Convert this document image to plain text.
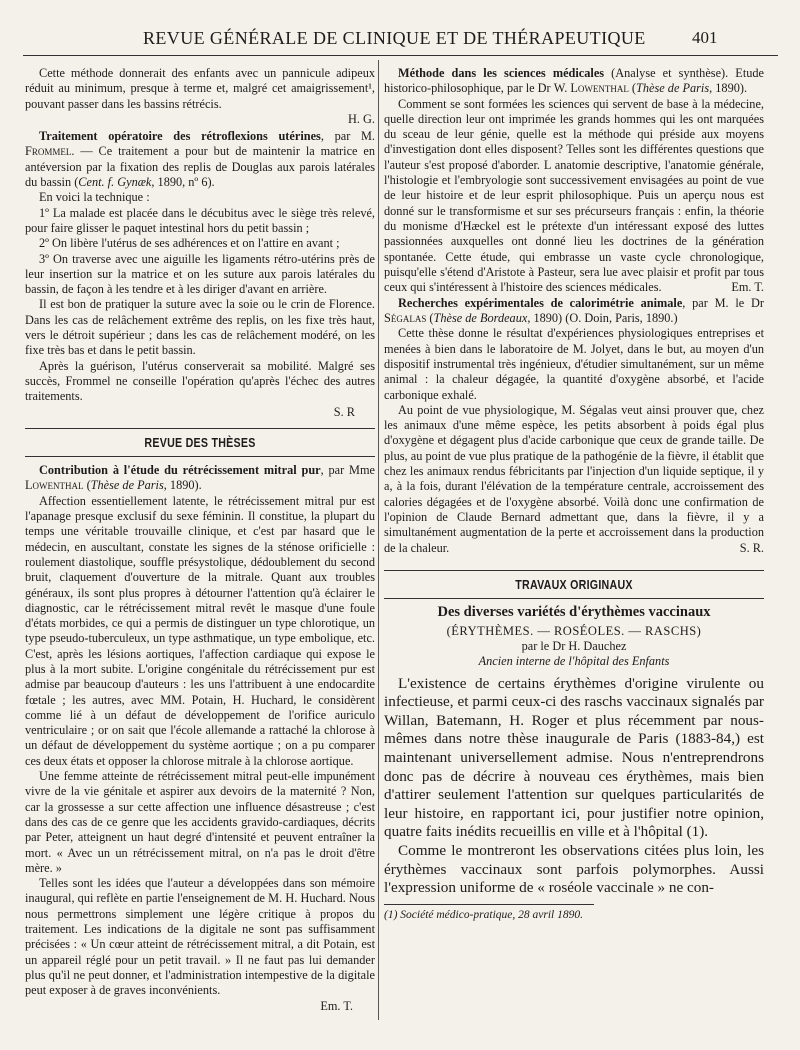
REVUE GÉNÉRALE DE CLINIQUE ET DE THÉRAPEUTIQUE	401

Cette méthode donnerait des enfants avec un pannicule adipeux réduit au minimum, presque à terme et, malgré cet amaigrissement¹, pouvant passer dans les bassins rétrécis.

H. G.

Traitement opératoire des rétroflexions utérines, par M. Frommel. — Ce traitement a pour but de maintenir la matrice en antéversion par la fixation des replis de Douglas aux parois latérales du bassin (Cent. f. Gynæk, 1890, nº 6).

En voici la technique :

1º La malade est placée dans le décubitus avec le siège très relevé, pour faire glisser le paquet intestinal hors du petit bassin ;

2º On libère l'utérus de ses adhérences et on l'attire en avant ;

3º On traverse avec une aiguille les ligaments rétro-utérins près de leur insertion sur la matrice et on les suture aux parois latérales du bassin, de façon à les tendre et à les diriger d'avant en arrière.

Il est bon de pratiquer la suture avec la soie ou le crin de Florence. Dans les cas de relâchement extrême des replis, on les fixe très haut, vers le détroit supérieur ; dans les cas de relâchement modéré, on les fixe très bas et dans le petit bassin.

Après la guérison, l'utérus conserverait sa mobilité. Malgré ses succès, Frommel ne conseille l'opération qu'après l'échec des autres traitements.

S. R
REVUE DES THÈSES

Contribution à l'étude du rétrécissement mitral pur, par Mme Lowenthal (Thèse de Paris, 1890).

Affection essentiellement latente, le rétrécissement mitral pur est l'apanage presque exclusif du sexe féminin. Il constitue, la plupart du temps une véritable trouvaille clinique, et c'est par hasard que le médecin, en auscultant, constate les signes de la sténose orificielle : roulement diastolique, souffle présystolique, dédoublement du second bruit, claquement d'ouverture de la mitrale. Quant aux troubles généraux, ils sont plus propres à détourner l'attention qu'à éclairer le diagnostic, car le rétrécissement mitral revêt le masque d'une foule d'états morbides, ce qui a permis de distinguer un type chlorotique, un type pseudo-tuberculeux, un type asthmatique, un type embolique, etc. C'est, après les lésions aortiques, l'affection cardiaque qui expose le plus à la mort subite. L'origine congénitale du rétrécissement pur est admise par beaucoup d'auteurs : les uns l'attribuent à une endocardite fœtale ; les autres, avec MM. Potain, H. Huchard, le considèrent comme lié à un défaut de développement de l'orifice auriculo ventriculaire ; or on sait que l'école allemande a rattaché la chlorose à un défaut de développement du système aortique ; on a pu comparer ces deux états et opposer la chlorose mitrale à la chlorose aortique.

Une femme atteinte de rétrécissement mitral peut-elle impunément vivre de la vie génitale et aspirer aux devoirs de la maternité ? Non, car la grossesse a sur cette affection une influence désastreuse ; c'est dans des cas de ce genre que les accidents gravido-cardiaques, décrits par Peter, atteignent un haut degré d'intensité et peuvent entraîner la mort. « Avec un un rétrécissement mitral, on n'a pas le droit d'être mère. »

Telles sont les idées que l'auteur a développées dans son mémoire inaugural, qui reflète en partie l'enseignement de M. H. Huchard. Nous nous permettrons simplement une légère critique à propos du traitement. Les indications de la digitale ne sont pas suffisamment précisées : « Un cœur atteint de rétrécissement mitral, a dit Potain, est un appareil réglé pour un petit travail. » Il ne faut pas lui demander plus qu'il ne peut donner, et l'administration intempestive de la digitale peut exposer à de graves inconvénients.

Em. T.

Méthode dans les sciences médicales (Analyse et synthèse). Etude historico-philosophique, par le Dr W. Lowenthal (Thèse de Paris, 1890).

Comment se sont formées les sciences qui servent de base à la médecine, quelle direction leur ont imprimée les grands hommes qui les ont marquées du sceau de leur génie, quelle est la méthode qui préside aux moyens d'investigation dont elles disposent? Telles sont les différentes questions que l'auteur s'est proposé d'aborder. L anatomie descriptive, l'anatomie générale, l'histologie et l'embryologie sont successivement envisagées au point de vue de leur histoire et de leur esprit philosophique. Puis un aperçu nous est donné sur le transformisme et sur ses précurseurs français : enfin, la théorie du monisme d'Hæckel est le prétexte d'un intéressant exposé des luttes passionnées auxquelles ont donné lieu les doctrines de la génération spontanée. Cette étude, qui embrasse un vaste cycle chronologique, puisqu'elle s'étend d'Aristote à Pasteur, sera lue avec plaisir et profit par tous ceux qui s'intéressent à l'histoire des sciences médicales.	Em. T.

Recherches expérimentales de calorimétrie animale, par M. le Dr Ségalas (Thèse de Bordeaux, 1890) (O. Doin, Paris, 1890.)

Cette thèse donne le résultat d'expériences physiologiques entreprises et menées à bien dans le laboratoire de M. Jolyet, dans le but, au moyen d'un dispositif instrumental très ingénieux, d'étudier simultanément, sur un même animal : la chaleur dégagée, la quantité d'oxygène absorbé, et l'acide carbonique exhalé.

Au point de vue physiologique, M. Ségalas veut ainsi prouver que, chez les animaux d'une même espèce, les petits absorbent à poids égal plus d'oxygène et dégagent plus d'acide carbonique que ceux de grande taille. De plus, au point de vue plus pratique de la pathogénie de la fièvre, il établit que chez les animaux rendus fébricitants par l'injection d'un liquide septique, il y a, à la fois, durant l'élévation de la température centrale, accroissement des calories dégagées et de l'oxygène absorbé. Voilà donc une confirmation de l'opinion de Claude Bernard admettant que, dans la fièvre, il y a simultanément augmentation de la perte et accroissement dans la production de la chaleur.	S. R.
TRAVAUX ORIGINAUX
Des diverses variétés d'érythèmes vaccinaux
(ÉRYTHÈMES. — ROSÉOLES. — RASCHS)
par le Dr H. Dauchez
Ancien interne de l'hôpital des Enfants

L'existence de certains érythèmes d'origine virulente ou infectieuse, et parmi ceux-ci des raschs vaccinaux signalés par Willan, Batemann, H. Roger et plus récemment par nous-mêmes dans notre thèse inaugurale de Paris (1883-84,) est maintenant universellement admise. Nous n'entreprendrons donc pas de décrire à nouveau ces érythèmes, mais bien d'attirer seulement l'attention sur quelques particularités de leur histoire, en rapportant ici, pour justifier notre opinion, quatre faits inédits recueillis en ville et à l'hôpital (1).

Comme le montreront les observations citées plus loin, les érythèmes vaccinaux sont parfois polymorphes. Aussi l'expression uniforme de « roséole vaccinale » ne con-

(1) Société médico-pratique, 28 avril 1890.
